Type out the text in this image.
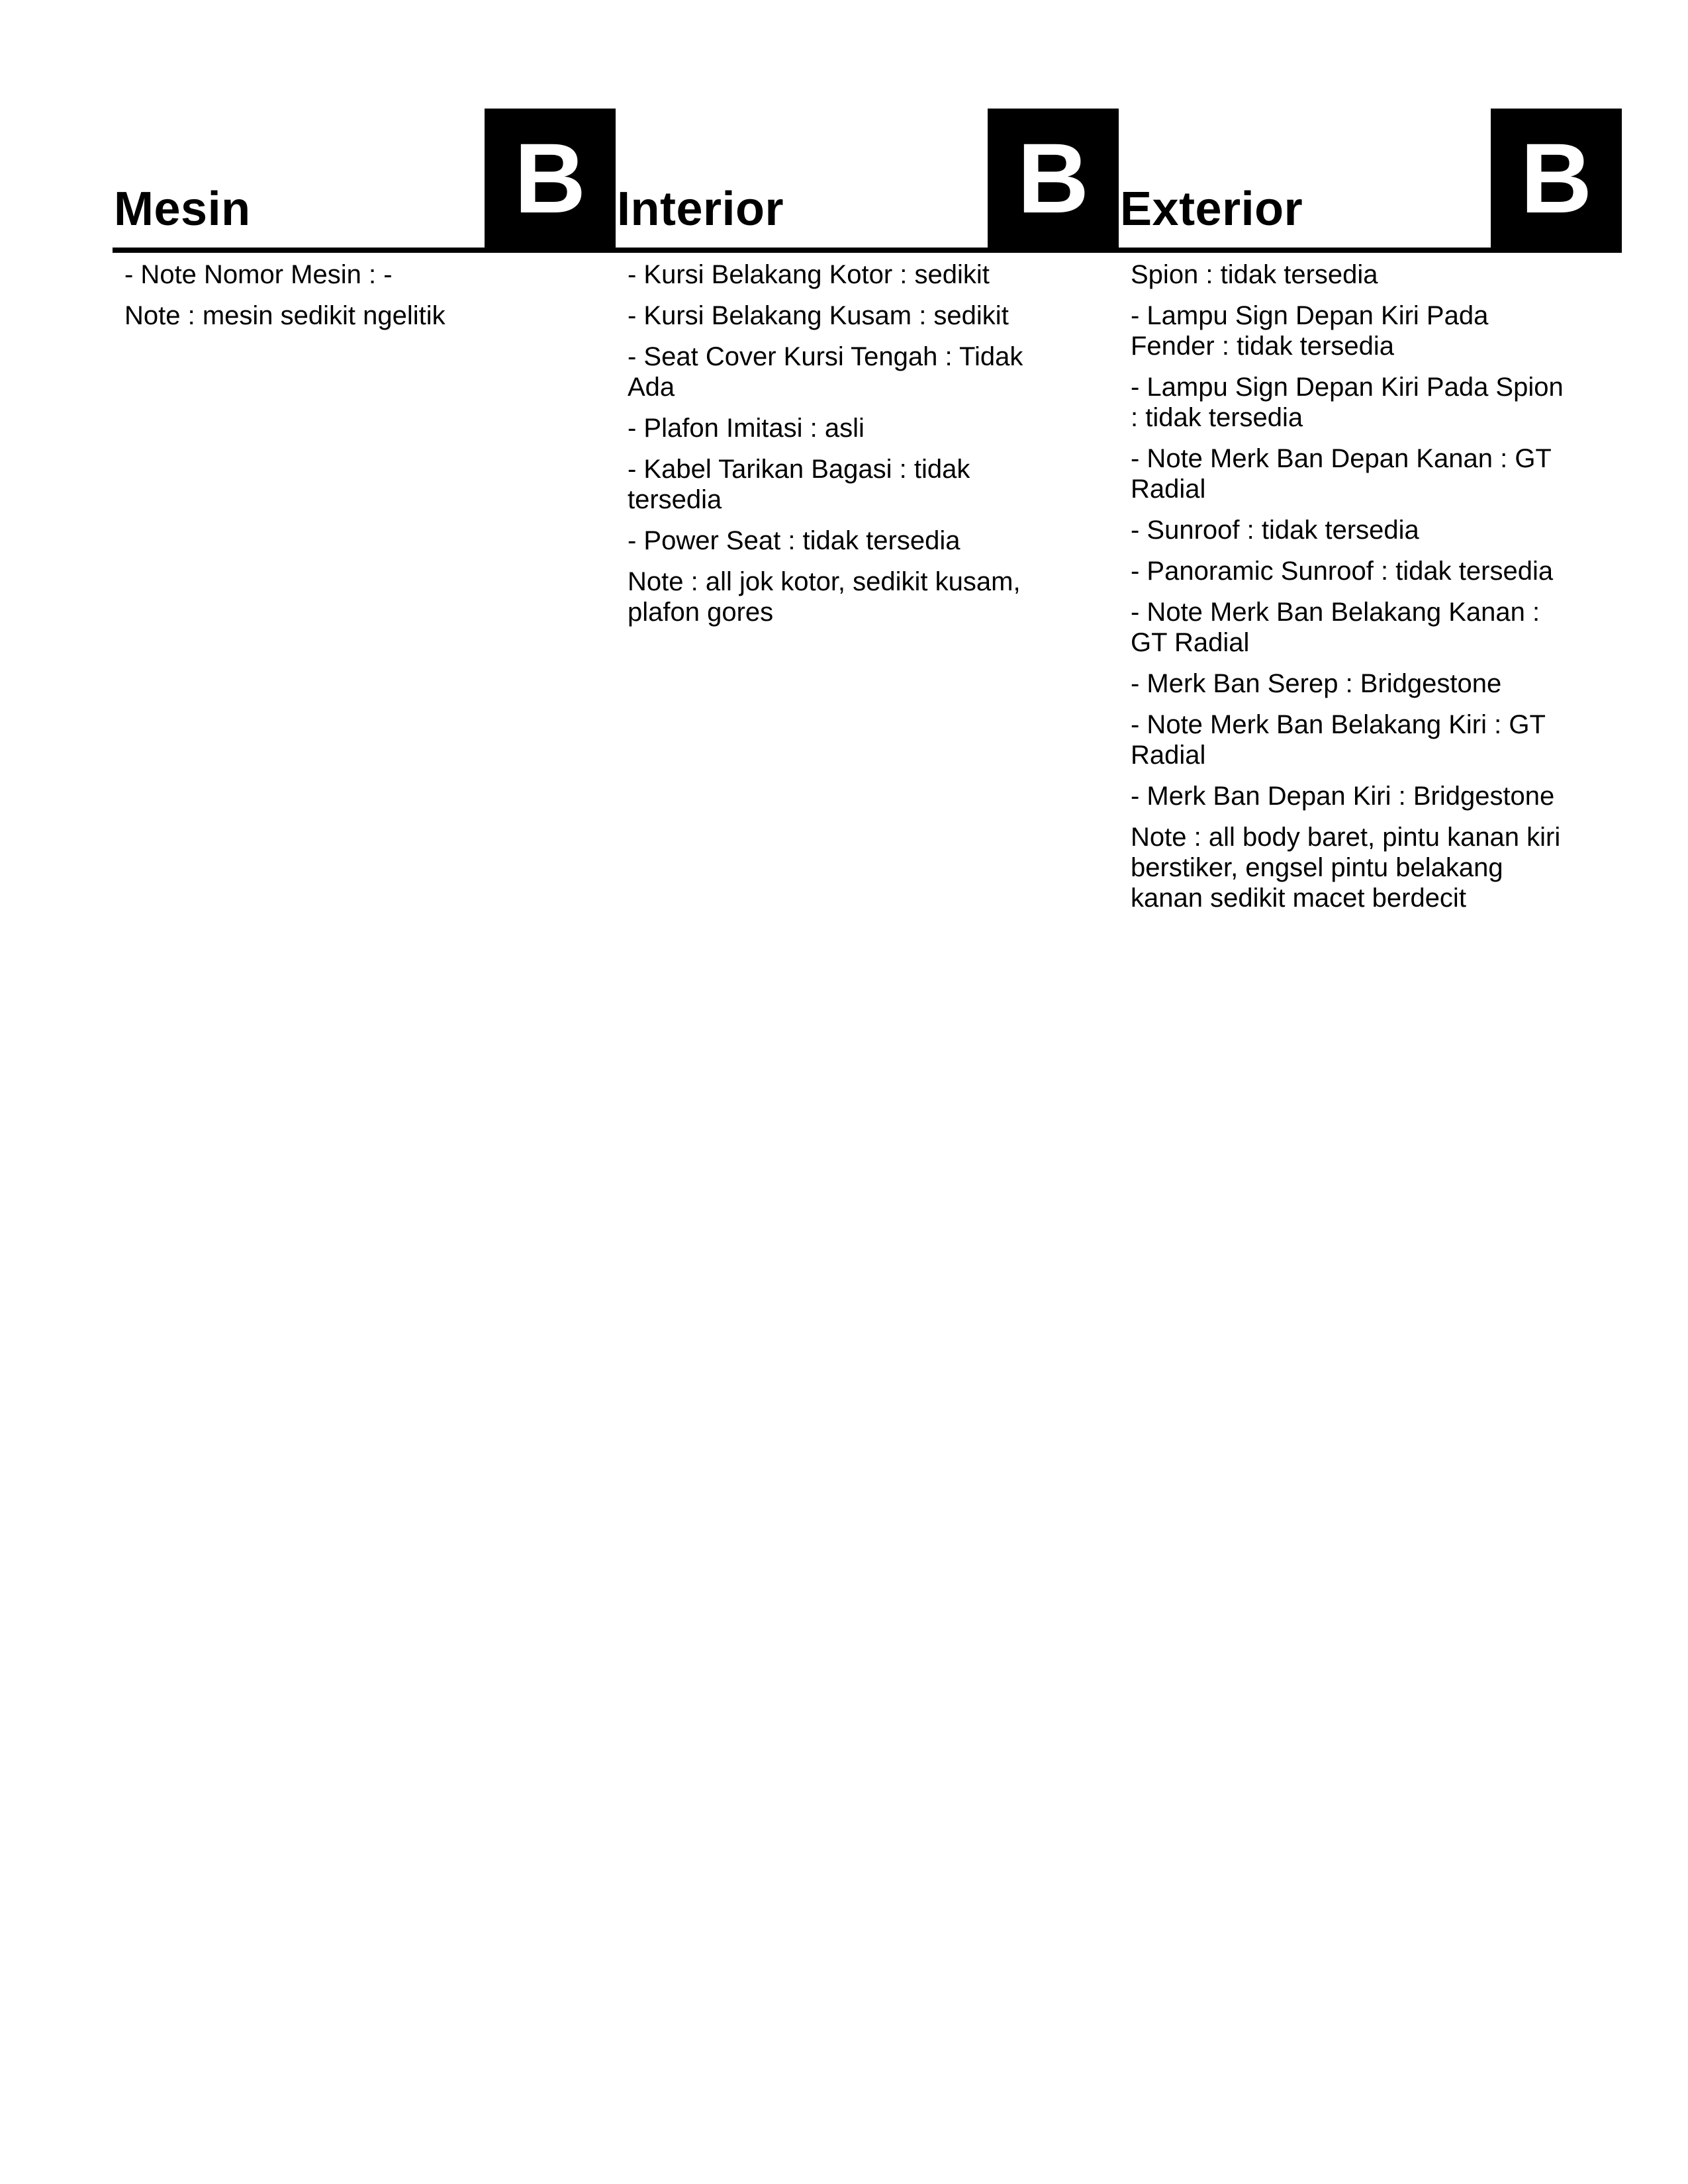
Mesin	B
- Note Nomor Mesin : -
Note : mesin sedikit ngelitik
Interior B
- Kursi Belakang Kotor : sedikit
- Kursi Belakang Kusam : sedikit
- Seat Cover Kursi Tengah : Tidak Ada
- Plafon Imitasi : asli
- Kabel Tarikan Bagasi : tidak tersedia
- Power Seat : tidak tersedia
Note : all jok kotor, sedikit kusam, plafon gores
Exterior B
Spion : tidak tersedia
- Lampu Sign Depan Kiri Pada Fender : tidak tersedia
- Lampu Sign Depan Kiri Pada Spion : tidak tersedia
- Note Merk Ban Depan Kanan : GT Radial
- Sunroof : tidak tersedia
- Panoramic Sunroof : tidak tersedia
- Note Merk Ban Belakang Kanan : GT Radial
- Merk Ban Serep : Bridgestone
- Note Merk Ban Belakang Kiri : GT Radial
- Merk Ban Depan Kiri : Bridgestone
Note : all body baret, pintu kanan kiri berstiker, engsel pintu belakang kanan sedikit macet berdecit
